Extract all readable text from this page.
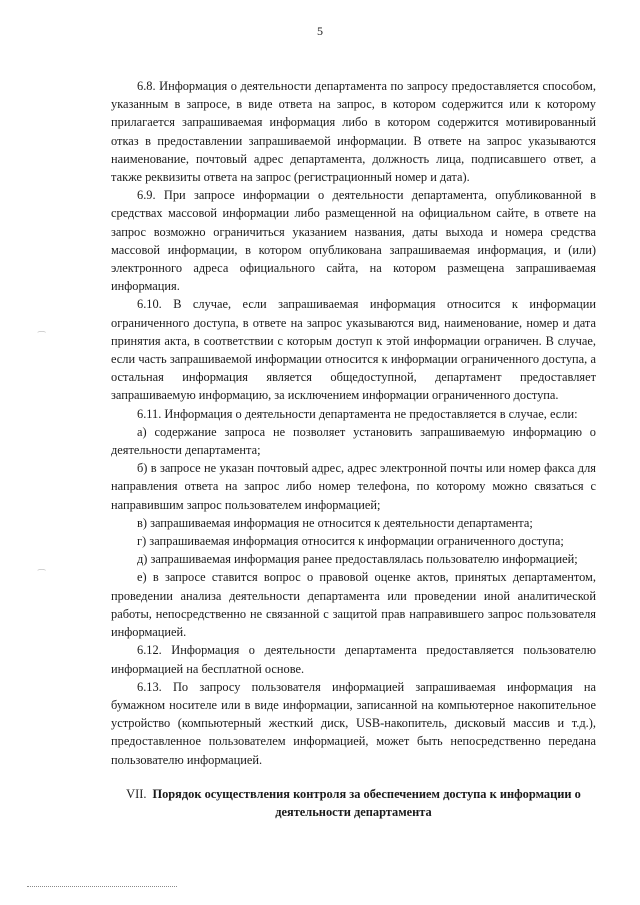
5

6.8. Информация о деятельности департамента по запросу предоставляется способом, указанным в запросе, в виде ответа на запрос, в котором содержится или к которому прилагается запрашиваемая информация либо в котором содержится мотивированный отказ в предоставлении запрашиваемой информации. В ответе на запрос указываются наименование, почтовый адрес департамента, должность лица, подписавшего ответ, а также реквизиты ответа на запрос (регистрационный номер и дата).

6.9. При запросе информации о деятельности департамента, опубликованной в средствах массовой информации либо размещенной на официальном сайте, в ответе на запрос возможно ограничиться указанием названия, даты выхода и номера средства массовой информации, в котором опубликована запрашиваемая информация, и (или) электронного адреса официального сайта, на котором размещена запрашиваемая информация.

6.10. В случае, если запрашиваемая информация относится к информации ограниченного доступа, в ответе на запрос указываются вид, наименование, номер и дата принятия акта, в соответствии с которым доступ к этой информации ограничен. В случае, если часть запрашиваемой информации относится к информации ограниченного доступа, а остальная информация является общедоступной, департамент предоставляет запрашиваемую информацию, за исключением информации ограниченного доступа.

6.11. Информация о деятельности департамента не предоставляется в случае, если:

а) содержание запроса не позволяет установить запрашиваемую информацию о деятельности департамента;

б) в запросе не указан почтовый адрес, адрес электронной почты или номер факса для направления ответа на запрос либо номер телефона, по которому можно связаться с направившим запрос пользователем информацией;

в) запрашиваемая информация не относится к деятельности департамента;

г) запрашиваемая информация относится к информации ограниченного доступа;

д) запрашиваемая информация ранее предоставлялась пользователю информацией;

е) в запросе ставится вопрос о правовой оценке актов, принятых департаментом, проведении анализа деятельности департамента или проведении иной аналитической работы, непосредственно не связанной с защитой прав направившего запрос пользователя информацией.

6.12. Информация о деятельности департамента предоставляется пользователю информацией на бесплатной основе.

6.13. По запросу пользователя информацией запрашиваемая информация на бумажном носителе или в виде информации, записанной на компьютерное накопительное устройство (компьютерный жесткий диск, USB-накопитель, дисковый массив и т.д.), предоставленное пользователем информацией, может быть непосредственно передана пользователю информацией.

VII. Порядок осуществления контроля за обеспечением доступа к информации о деятельности департамента
⁔
⁔
